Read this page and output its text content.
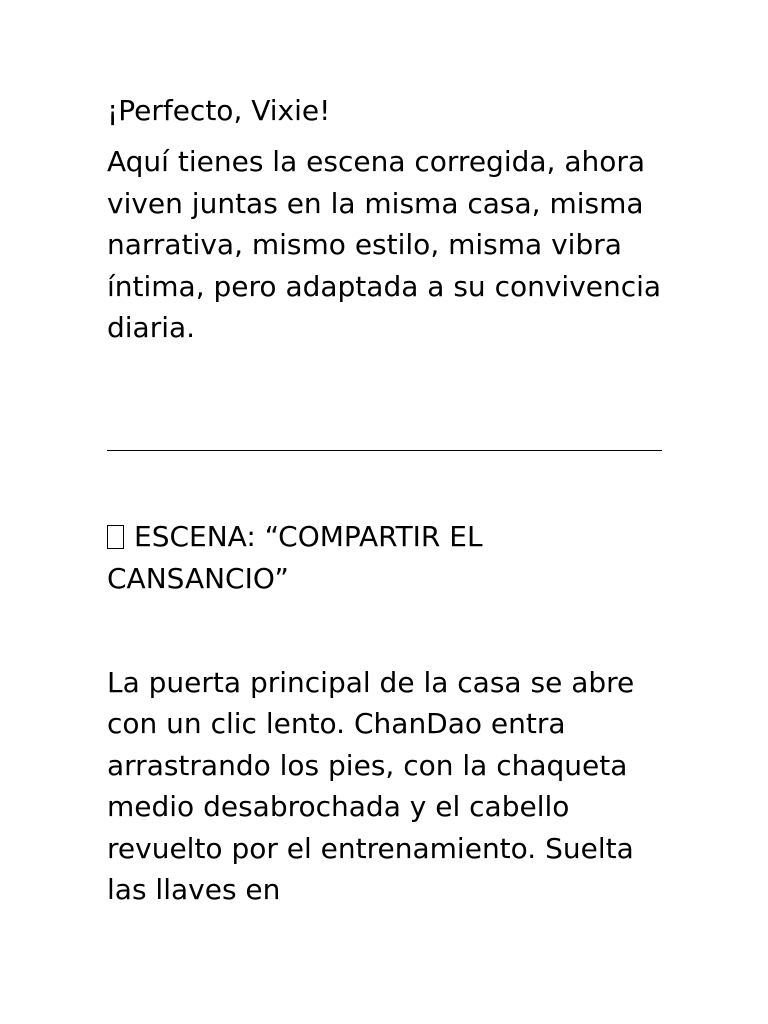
¡Perfecto, Vixie!

Aquí tienes la escena corregida, ahora viven juntas en la misma casa, misma narrativa, mismo estilo, misma vibra íntima, pero adaptada a su convivencia diaria.

ESCENA: “COMPARTIR EL CANSANCIO”

La puerta principal de la casa se abre con un clic lento. ChanDao entra arrastrando los pies, con la chaqueta medio desabrochada y el cabello revuelto por el entrenamiento. Suelta las llaves en
